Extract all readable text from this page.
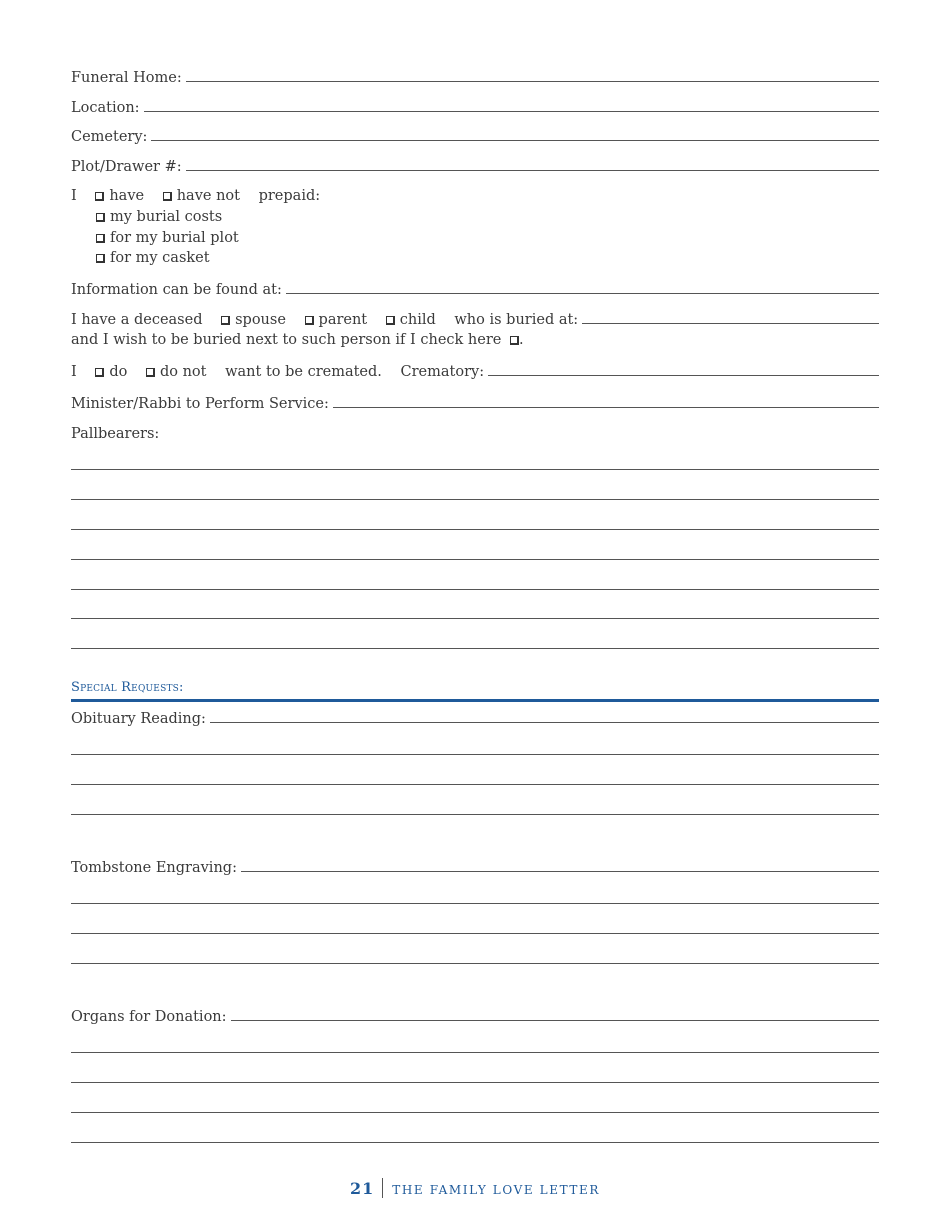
Funeral Home:
Location:
Cemetery:
Plot/Drawer #:
I have have not prepaid:
my burial costs
for my burial plot
for my casket
Information can be found at:
I have a deceased spouse parent child who is buried at:
and I wish to be buried next to such person if I check here .
I do do not want to be cremated. Crematory:
Minister/Rabbi to Perform Service:
Pallbearers:
Special Requests:
Obituary Reading:
Tombstone Engraving:
Organs for Donation:
21 THE FAMILY LOVE LETTER
